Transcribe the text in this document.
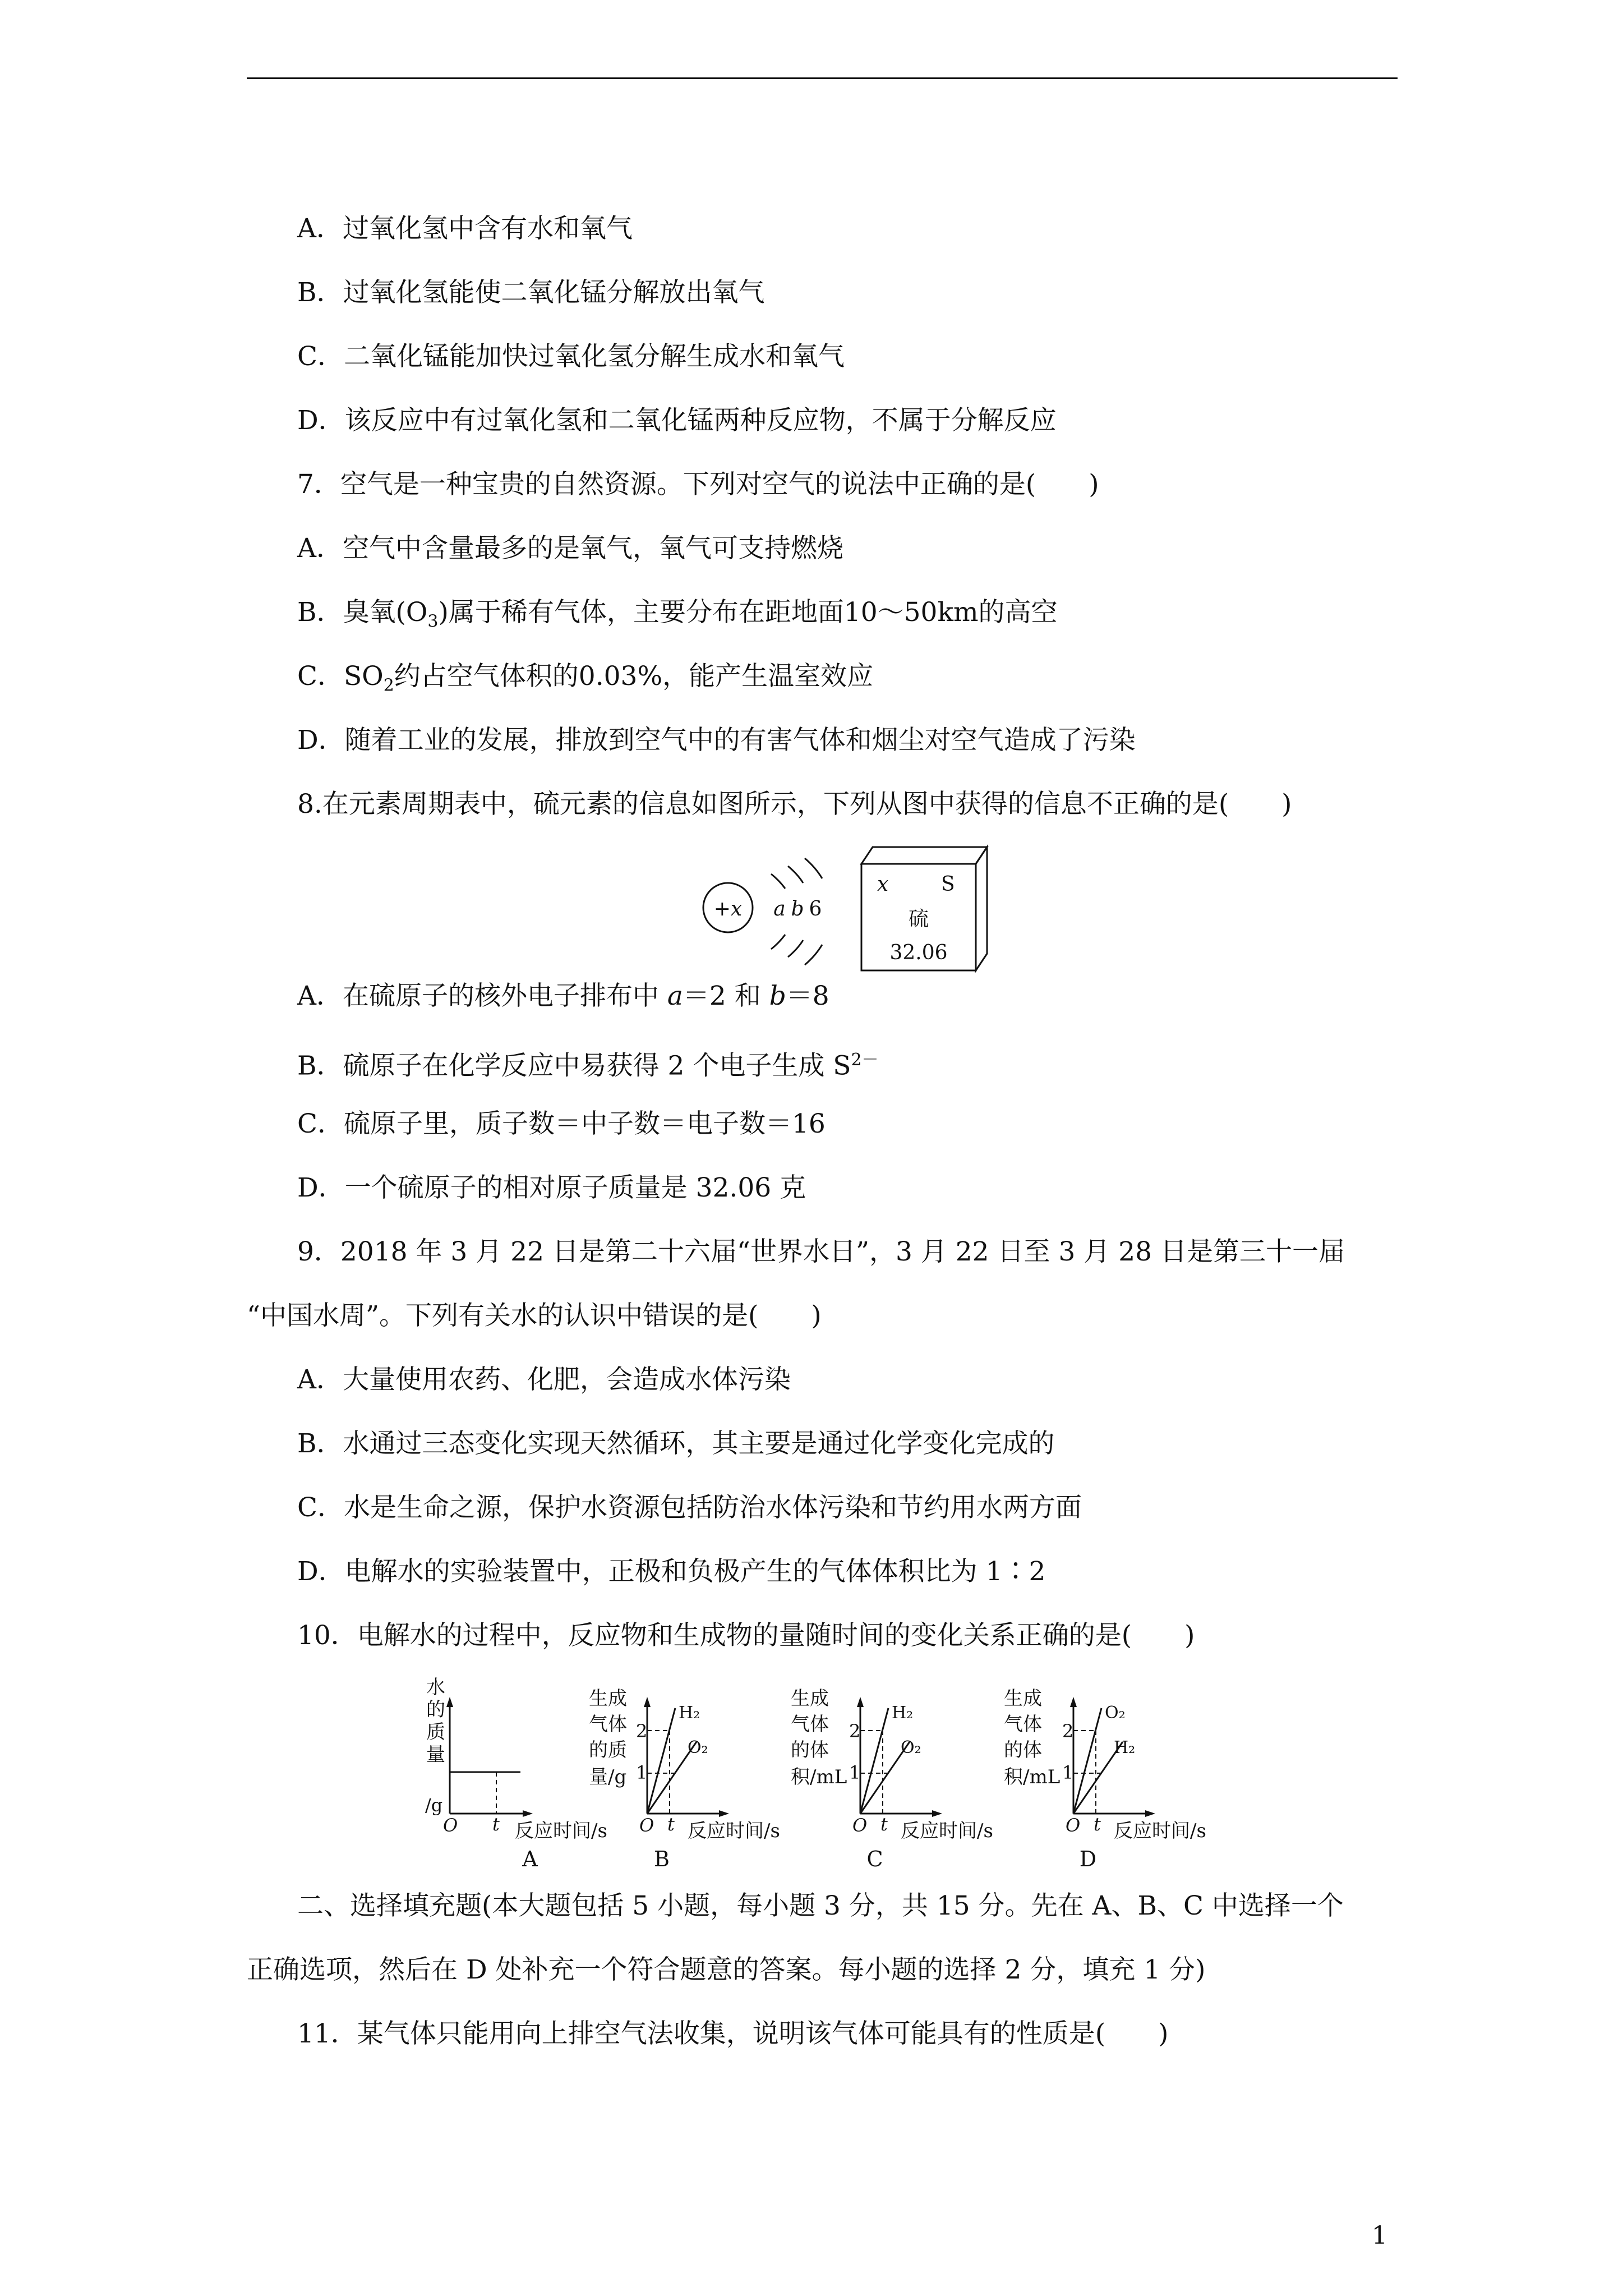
A．过氧化氢中含有水和氧气
B．过氧化氢能使二氧化锰分解放出氧气
C．二氧化锰能加快过氧化氢分解生成水和氧气
D．该反应中有过氧化氢和二氧化锰两种反应物，不属于分解反应
7．空气是一种宝贵的自然资源。下列对空气的说法中正确的是(　　)
A．空气中含量最多的是氧气，氧气可支持燃烧
B．臭氧$(O_3)$属于稀有气体，主要分布在距地面10～50km的高空
C．$SO_2$约占空气体积的0.03%，能产生温室效应
D．随着工业的发展，排放到空气中的有害气体和烟尘对空气造成了污染
8.在元素周期表中，硫元素的信息如图所示，下列从图中获得的信息不正确的是(　　)
+x a b 6
x	S
硫
32.06
A．在硫原子的核外电子排布中 a＝2 和 b＝8
B．硫原子在化学反应中易获得 2 个电子生成 $S^{2-}$
C．硫原子里，质子数＝中子数＝电子数＝16
D．一个硫原子的相对原子质量是 32.06 克
9．2018 年 3 月 22 日是第二十六届“世界水日”，3 月 22 日至 3 月 28 日是第三十一届
“中国水周”。下列有关水的认识中错误的是(　　)
A．大量使用农药、化肥，会造成水体污染
B．水通过三态变化实现天然循环，其主要是通过化学变化完成的
C．水是生命之源，保护水资源包括防治水体污染和节约用水两方面
D．电解水的实验装置中，正极和负极产生的气体体积比为 1∶2
10．电解水的过程中，反应物和生成物的量随时间的变化关系正确的是(　　)
水
的
质
量
/g
O t 反应时间/s
A
生成
气体
的质
量/g
2
1
H₂
O₂
O t 反应时间/s
B
生成
气体
的体
积/mL
2
1
H₂
O₂
O t 反应时间/s
C
生成
气体
的体
积/mL
2
1
O₂
H₂
O t 反应时间/s
D
二、选择填充题(本大题包括 5 小题，每小题 3 分，共 15 分。先在 A、B、C 中选择一个
正确选项，然后在 D 处补充一个符合题意的答案。每小题的选择 2 分，填充 1 分)
11．某气体只能用向上排空气法收集，说明该气体可能具有的性质是(　　)
1
